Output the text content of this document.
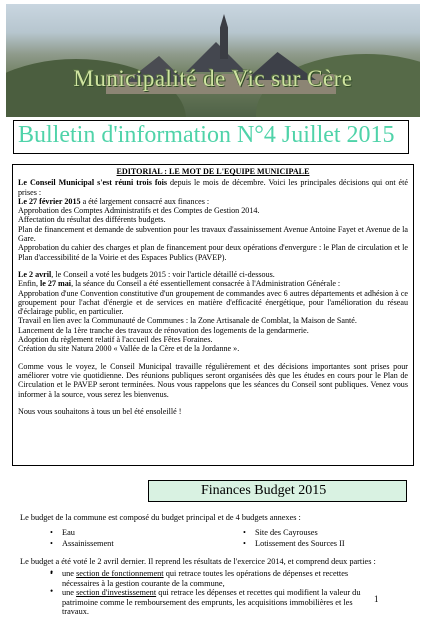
Municipalité de Vic sur Cère
Bulletin d'information N°4 Juillet 2015
EDITORIAL : LE MOT DE L'EQUIPE MUNICIPALE

Le Conseil Municipal s'est réuni trois fois depuis le mois de décembre. Voici les principales décisions qui ont été prises :

Le 27 février 2015 a été largement consacré aux finances :

Approbation des Comptes Administratifs et des Comptes de Gestion 2014.

Affectation du résultat des différents budgets.

Plan de financement et demande de subvention pour les travaux d'assainissement Avenue Antoine Fayet et Avenue de la Gare.

Approbation du cahier des charges et plan de financement pour deux opérations d'envergure : le Plan de circulation et le Plan d'accessibilité de la Voirie et des Espaces Publics (PAVEP).

Le 2 avril, le Conseil a voté les budgets 2015 : voir l'article détaillé ci-dessous.

Enfin, le 27 mai, la séance du Conseil a été essentiellement consacrée à l'Administration Générale :

Approbation d'une Convention constitutive d'un groupement de commandes avec 6 autres départements et adhésion à ce groupement pour l'achat d'énergie et de services en matière d'efficacité énergétique, pour l'amélioration du réseau d'éclairage public, en particulier.

Travail en lien avec la Communauté de Communes : la Zone Artisanale de Comblat, la Maison de Santé.

Lancement de la 1ère tranche des travaux de rénovation des logements de la gendarmerie.

Adoption du règlement relatif à l'accueil des Fêtes Foraines.

Création du site Natura 2000 « Vallée de la Cère et de la Jordanne ».

Comme vous le voyez, le Conseil Municipal travaille régulièrement et des décisions importantes sont prises pour améliorer votre vie quotidienne. Des réunions publiques seront organisées dès que les études en cours pour le Plan de Circulation et le PAVEP seront terminées. Nous vous rappelons que les séances du Conseil sont publiques. Venez vous informer à la source, vous serez les bienvenus.

Nous vous souhaitons à tous un bel été ensoleillé !

Finances Budget 2015
Le budget de la commune est composé du budget principal et de 4 budgets annexes :
• Eau
• Assainissement
• Site des Cayrouses
• Lotissement des Sources II
Le budget a été voté le 2 avril dernier. Il reprend les résultats de l'exercice 2014, et comprend deux parties :
une section de fonctionnement qui retrace toutes les opérations de dépenses et recettes nécessaires à la gestion courante de la commune,
une section d'investissement qui retrace les dépenses et recettes qui modifient la valeur du patrimoine comme le remboursement des emprunts, les acquisitions immobilières et les travaux.
•
•
1
